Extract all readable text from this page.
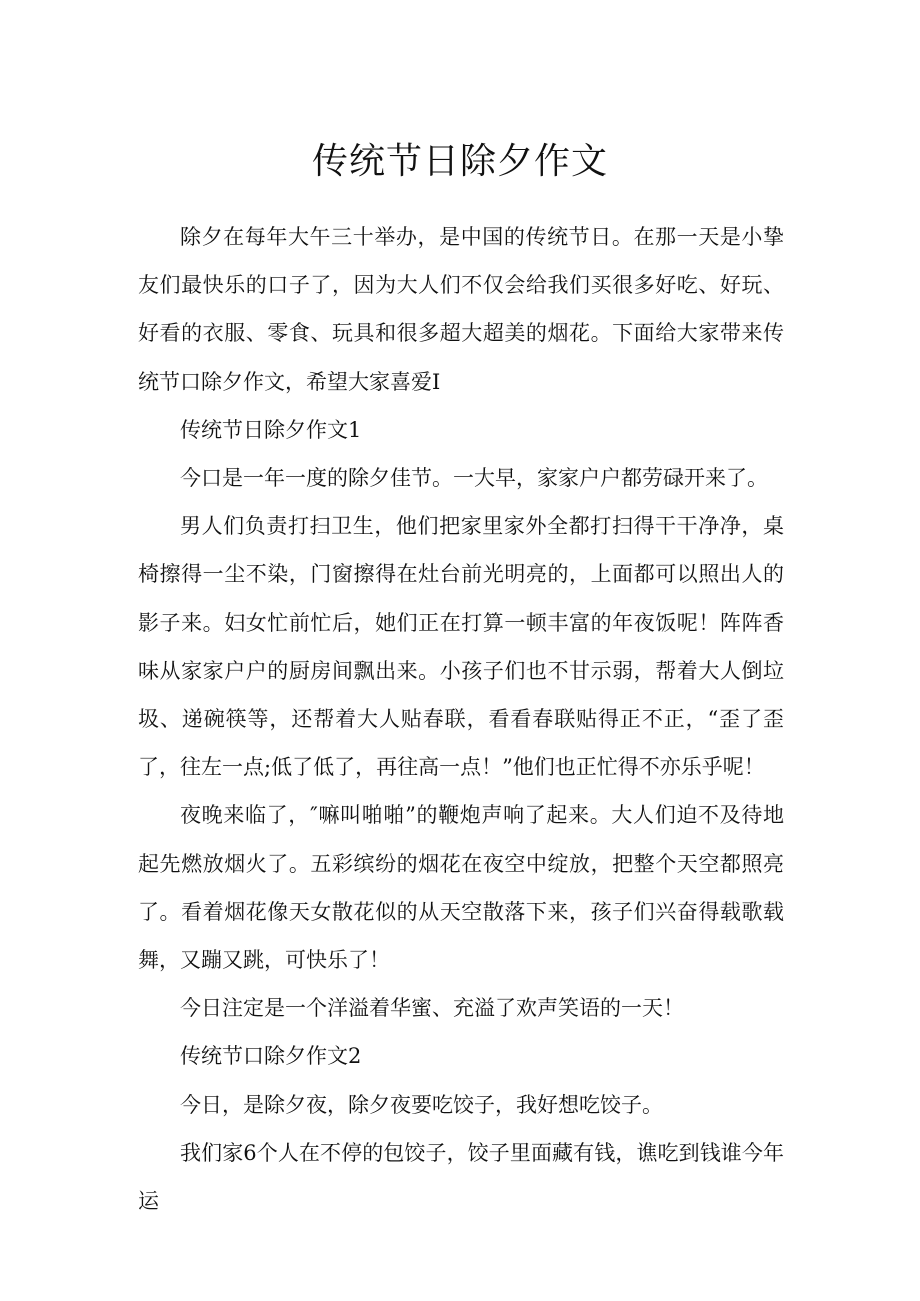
传统节日除夕作文

除夕在每年大午三十举办，是中国的传统节日。在那一天是小挚友们最快乐的口子了，因为大人们不仅会给我们买很多好吃、好玩、好看的衣服、零食、玩具和很多超大超美的烟花。下面给大家带来传统节口除夕作文，希望大家喜爱I

传统节日除夕作文1

今口是一年一度的除夕佳节。一大早，家家户户都劳碌开来了。

男人们负责打扫卫生，他们把家里家外全都打扫得干干净净，桌椅擦得一尘不染，门窗擦得在灶台前光明亮的，上面都可以照出人的影子来。妇女忙前忙后，她们正在打算一顿丰富的年夜饭呢！阵阵香味从家家户户的厨房间飘出来。小孩子们也不甘示弱，帮着大人倒垃圾、递碗筷等，还帮着大人贴春联，看看春联贴得正不正，“歪了歪了，往左一点;低了低了，再往高一点！”他们也正忙得不亦乐乎呢！

夜晚来临了，″嘛叫啪啪”的鞭炮声响了起来。大人们迫不及待地起先燃放烟火了。五彩缤纷的烟花在夜空中绽放，把整个天空都照亮了。看着烟花像天女散花似的从天空散落下来，孩子们兴奋得载歌载舞，又蹦又跳，可快乐了！

今日注定是一个洋溢着华蜜、充溢了欢声笑语的一天！

传统节口除夕作文2

今日，是除夕夜，除夕夜要吃饺子，我好想吃饺子。

我们家6个人在不停的包饺子，饺子里面藏有钱，谯吃到钱谁今年运
